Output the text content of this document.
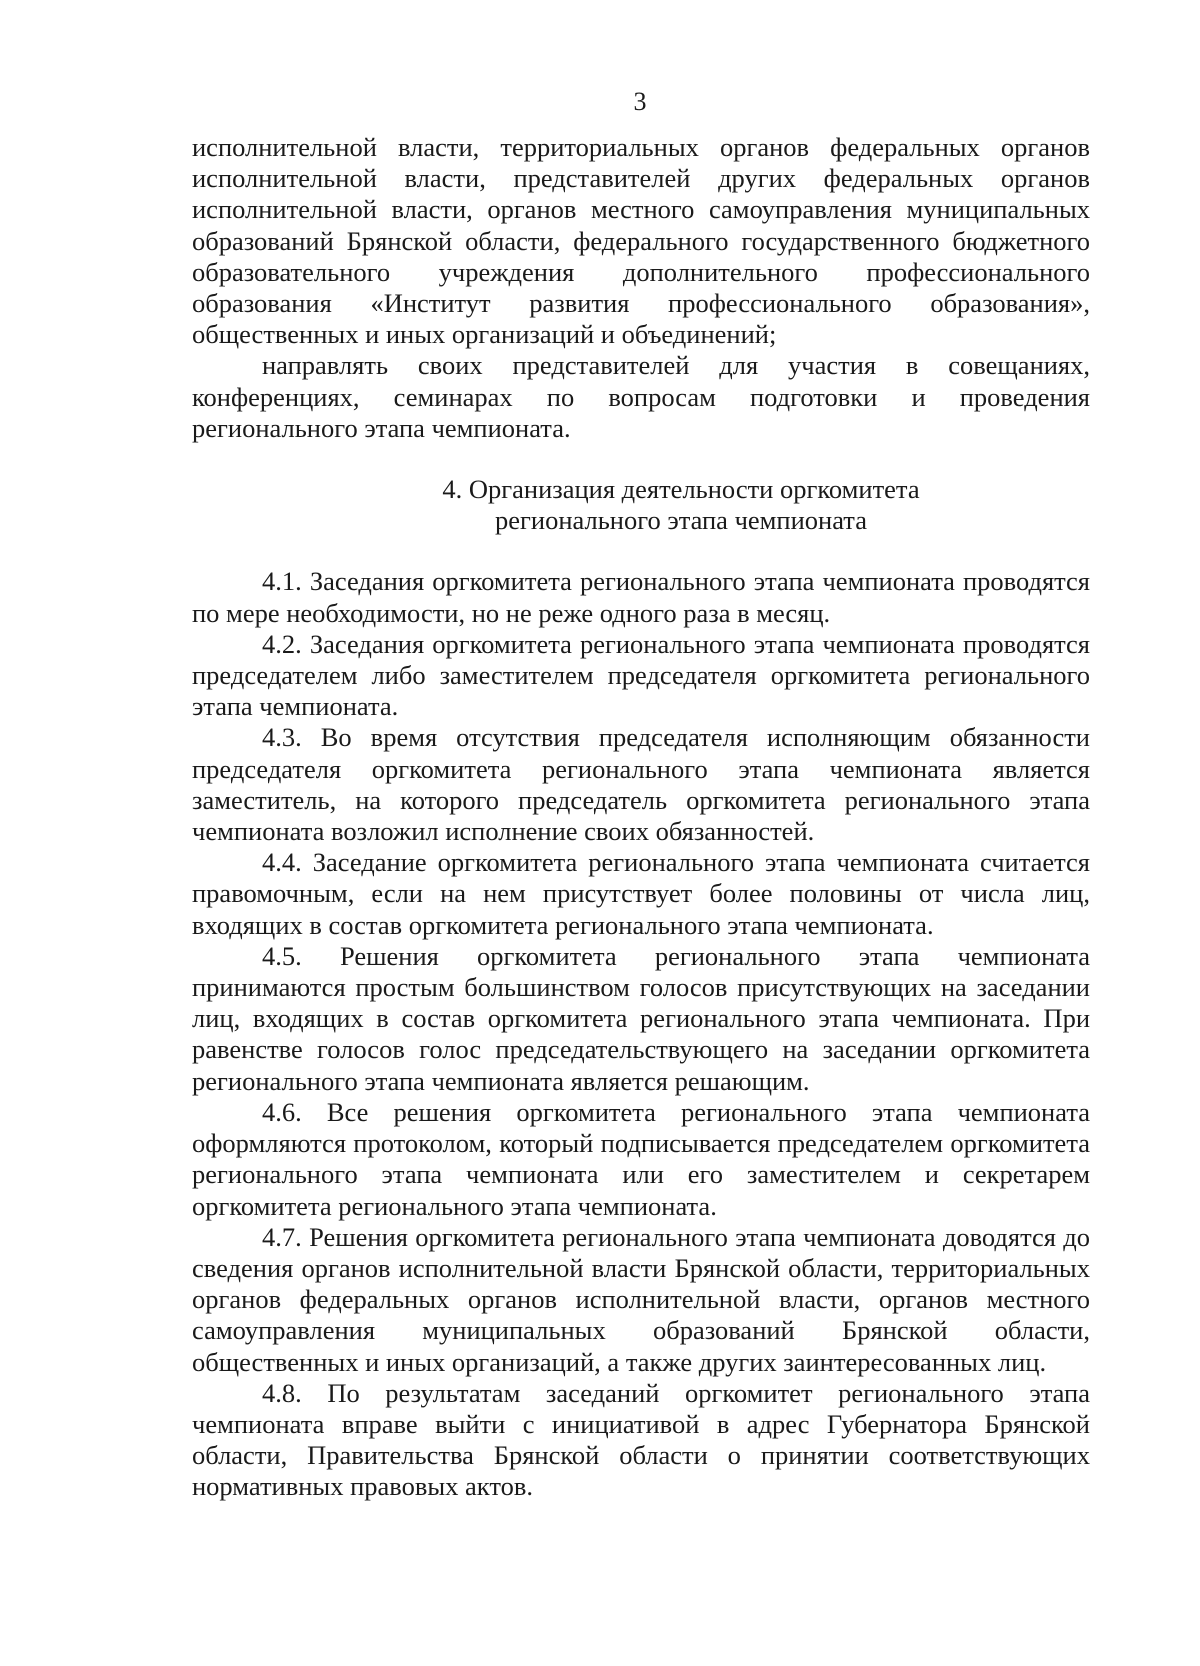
3

исполнительной власти, территориальных органов федеральных органов исполнительной власти, представителей других федеральных органов исполнительной власти, органов местного самоуправления муниципальных образований Брянской области, федерального государственного бюджетного образовательного учреждения дополнительного профессионального образования «Институт развития профессионального образования», общественных и иных организаций и объединений;

направлять своих представителей для участия в совещаниях, конференциях, семинарах по вопросам подготовки и проведения регионального этапа чемпионата.

4. Организация деятельности оргкомитета
регионального этапа чемпионата

4.1. Заседания оргкомитета регионального этапа чемпионата проводятся по мере необходимости, но не реже одного раза в месяц.

4.2. Заседания оргкомитета регионального этапа чемпионата проводятся председателем либо заместителем председателя оргкомитета регионального этапа чемпионата.

4.3. Во время отсутствия председателя исполняющим обязанности председателя оргкомитета регионального этапа чемпионата является заместитель, на которого председатель оргкомитета регионального этапа чемпионата возложил исполнение своих обязанностей.

4.4. Заседание оргкомитета регионального этапа чемпионата считается правомочным, если на нем присутствует более половины от числа лиц, входящих в состав оргкомитета регионального этапа чемпионата.

4.5. Решения оргкомитета регионального этапа чемпионата принимаются простым большинством голосов присутствующих на заседании лиц, входящих в состав оргкомитета регионального этапа чемпионата. При равенстве голосов голос председательствующего на заседании оргкомитета регионального этапа чемпионата является решающим.

4.6. Все решения оргкомитета регионального этапа чемпионата оформляются протоколом, который подписывается председателем оргкомитета регионального этапа чемпионата или его заместителем и секретарем оргкомитета регионального этапа чемпионата.

4.7. Решения оргкомитета регионального этапа чемпионата доводятся до сведения органов исполнительной власти Брянской области, территориальных органов федеральных органов исполнительной власти, органов местного самоуправления муниципальных образований Брянской области, общественных и иных организаций, а также других заинтересованных лиц.

4.8. По результатам заседаний оргкомитет регионального этапа чемпионата вправе выйти с инициативой в адрес Губернатора Брянской области, Правительства Брянской области о принятии соответствующих нормативных правовых актов.
